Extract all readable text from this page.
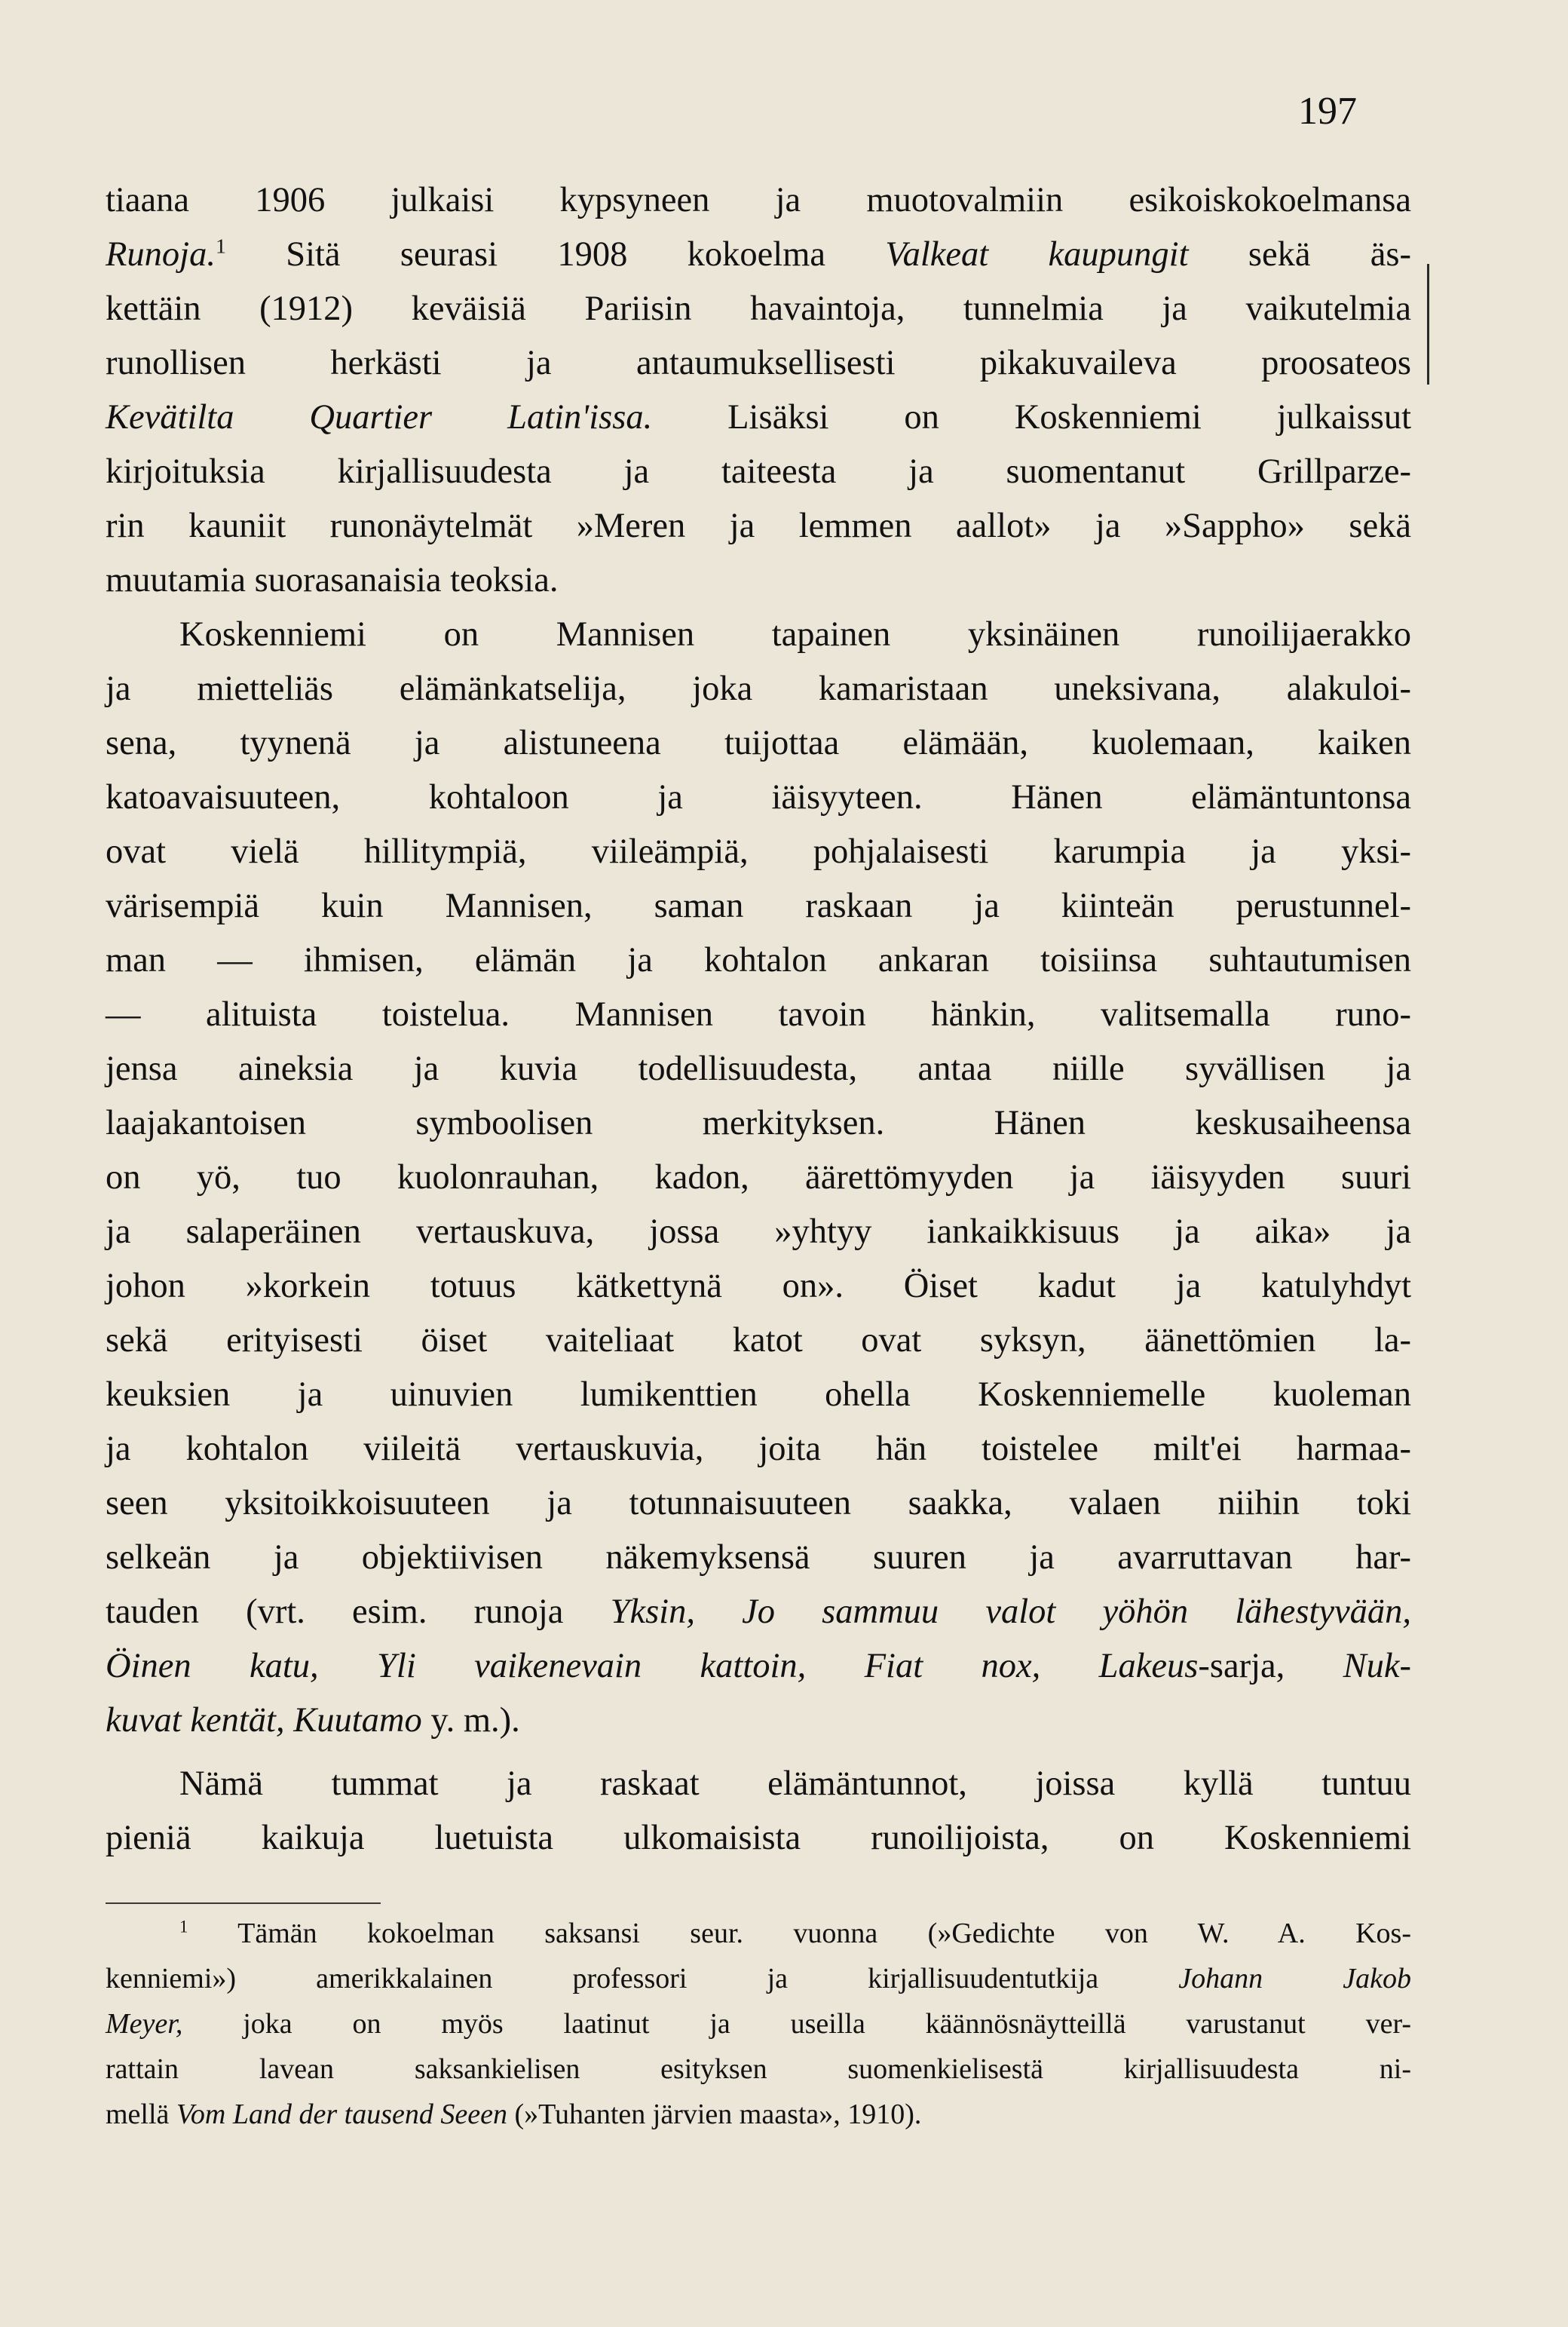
197
tiaana 1906 julkaisi kypsyneen ja muotovalmiin esikoiskokoelmansa
Runoja.$^1$ Sitä seurasi 1908 kokoelma Valkeat kaupungit sekä äs-
kettäin (1912) keväisiä Pariisin havaintoja, tunnelmia ja vaikutelmia
runollisen herkästi ja antaumuksellisesti pikakuvaileva proosateos
Kevätilta Quartier Latin'issa. Lisäksi on Koskenniemi julkaissut
kirjoituksia kirjallisuudesta ja taiteesta ja suomentanut Grillparze-
rin kauniit runonäytelmät »Meren ja lemmen aallot» ja »Sappho» sekä
muutamia suorasanaisia teoksia.
Koskenniemi on Mannisen tapainen yksinäinen runoilijaerakko
ja mietteliäs elämänkatselija, joka kamaristaan uneksivana, alakuloi-
sena, tyynenä ja alistuneena tuijottaa elämään, kuolemaan, kaiken
katoavaisuuteen, kohtaloon ja iäisyyteen. Hänen elämäntuntonsa
ovat vielä hillitympiä, viileämpiä, pohjalaisesti karumpia ja yksi-
värisempiä kuin Mannisen, saman raskaan ja kiinteän perustunnel-
man — ihmisen, elämän ja kohtalon ankaran toisiinsa suhtautumisen
— alituista toistelua. Mannisen tavoin hänkin, valitsemalla runo-
jensa aineksia ja kuvia todellisuudesta, antaa niille syvällisen ja
laajakantoisen symboolisen merkityksen. Hänen keskusaiheensa
on yö, tuo kuolonrauhan, kadon, äärettömyyden ja iäisyyden suuri
ja salaperäinen vertauskuva, jossa »yhtyy iankaikkisuus ja aika» ja
johon »korkein totuus kätkettynä on». Öiset kadut ja katulyhdyt
sekä erityisesti öiset vaiteliaat katot ovat syksyn, äänettömien la-
keuksien ja uinuvien lumikenttien ohella Koskenniemelle kuoleman
ja kohtalon viileitä vertauskuvia, joita hän toistelee milt'ei harmaa-
seen yksitoikkoisuuteen ja totunnaisuuteen saakka, valaen niihin toki
selkeän ja objektiivisen näkemyksensä suuren ja avarruttavan har-
tauden (vrt. esim. runoja Yksin, Jo sammuu valot yöhön lähestyvään,
Öinen katu, Yli vaikenevain kattoin, Fiat nox, Lakeus-sarja, Nuk-
kuvat kentät, Kuutamo y. m.).
Nämä tummat ja raskaat elämäntunnot, joissa kyllä tuntuu
pieniä kaikuja luetuista ulkomaisista runoilijoista, on Koskenniemi
$^1$ Tämän kokoelman saksansi seur. vuonna (»Gedichte von W. A. Kos-
kenniemi») amerikkalainen professori ja kirjallisuudentutkija Johann Jakob
Meyer, joka on myös laatinut ja useilla käännösnäytteillä varustanut ver-
rattain lavean saksankielisen esityksen suomenkielisestä kirjallisuudesta ni-
mellä Vom Land der tausend Seeen (»Tuhanten järvien maasta», 1910).
